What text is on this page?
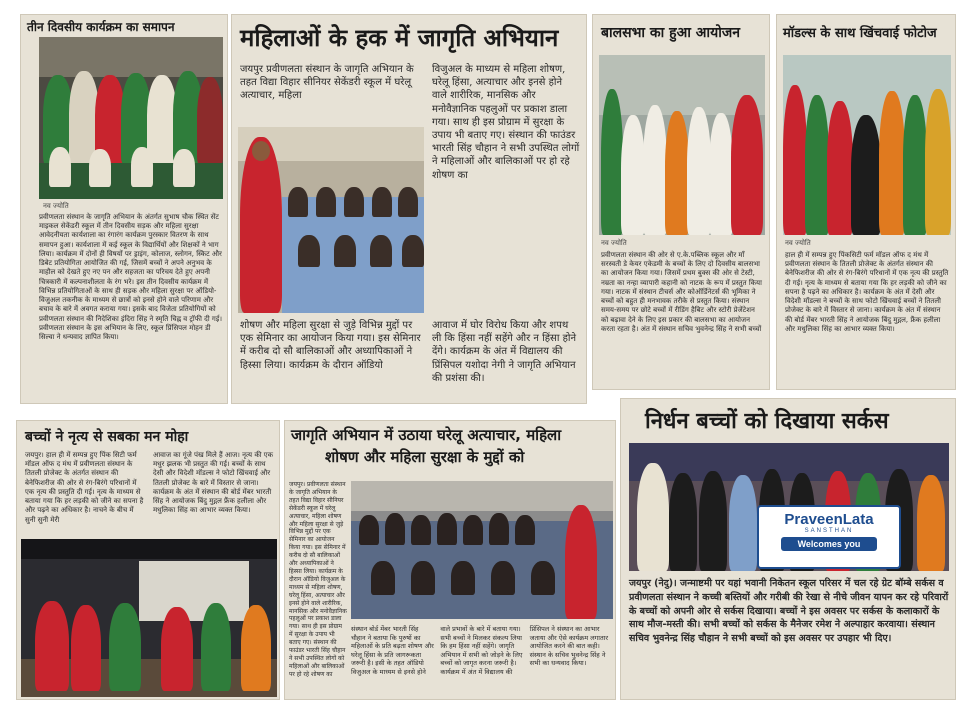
तीन दिवसीय कार्यक्रम का समापन
नव ज्योति
प्रवीणलता संस्थान के जागृति अभियान के अंतर्गत सुभाष चौक स्थित सेंट माइकल सेकेंडरी स्कूल में तीन दिवसीय सड़क और महिला सुरक्षा आवेदनीयता कार्यशाला का रंगारंग कार्यक्रम पुरस्कार वितरण के साथ समापन हुआ। कार्यशाला में कई स्कूल के विद्यार्थियों और शिक्षकों ने भाग लिया। कार्यक्रम में दोनों ही विषयों पर ड्राइंग, कोलाज, स्लोगन, स्किट और डिबेट प्रतियोगिता आयोजित की गई, जिसमें बच्चों ने अपने अनुभव के माहौल को देखते हुए नए पन और सहजता का परिचय देते हुए अपनी चित्रकारी में कल्पनाशीलता के रंग भरे। इस तीन दिवसीय कार्यक्रम में विभिन्न प्रतियोगिताओं के साथ ही सड़क और महिला सुरक्षा पर ऑडियो-विजुअल तकनीक के माध्यम से छात्रों को इनसे होने वाले परिणाम और बचाव के बारे में अवगत कराया गया। इसके बाद विजेता प्रतियोगियों को प्रवीणलता संस्थान की निदेशिका इंदिरा सिंह ने स्मृति चिह्न व ट्रॉफी दी गई। प्रवीणलता संस्थान के इस अभियान के लिए, स्कूल प्रिंसिपल मोहन डी सिल्वा ने धन्यवाद ज्ञापित किया।
महिलाओं के हक में जागृति अभियान
जयपुर प्रवीणलता संस्थान के जागृति अभियान के तहत विद्या विहार सीनियर सेकेंडरी स्कूल में घरेलू अत्याचार, महिला
विजुअल के माध्यम से महिला शोषण, घरेलू हिंसा, अत्याचार और इनसे होने वाले शारीरिक, मानसिक और मनोवैज्ञानिक पहलुओं पर प्रकाश डाला गया। साथ ही इस प्रोग्राम में सुरक्षा के उपाय भी बताए गए। संस्थान की फाउंडर भारती सिंह चौहान ने सभी उपस्थित लोगों ने महिलाओं और बालिकाओं पर हो रहे शोषण का
शोषण और महिला सुरक्षा से जुड़े विभिन्न मुद्दों पर एक सेमिनार का आयोजन किया गया। इस सेमिनार में करीब दो सौ बालिकाओं और अध्यापिकाओं ने हिस्सा लिया। कार्यक्रम के दौरान ऑडियो
आवाज में घोर विरोध किया और शपथ ली कि हिंसा नहीं सहेंगे और न हिंसा होने देंगे। कार्यक्रम के अंत में विद्यालय की प्रिंसिपल यशोदा नेगी ने जागृति अभियान की प्रशंसा की।
बालसभा का हुआ आयोजन
नव ज्योति
प्रवीणलता संस्थान की ओर से ए.के.पब्लिक स्कूल और माँ सरस्वती डे केयर एकेडमी के बच्चों के लिए दो दिवसीय बालसभा का आयोजन किया गया। जिसमें प्रथम बुक्स की ओर से टेस्टी, नम्रता का नन्हा व्यापारी कहानी को नाटक के रूप में प्रस्तुत किया गया। नाटक में संस्थान टीचर्स और कोऑर्डिनेटर्स की भूमिका ने बच्चों को बहुत ही मनभावक तरीके से प्रस्तुत किया। संस्थान समय-समय पर छोटे बच्चों में रीडिंग हैबिट और स्टोरी प्रेजेंटेशन को बढ़ावा देने के लिए इस प्रकार की बालसभा का आयोजन करता रहता है। अंत में संस्थान सचिव भुवनेन्द्र सिंह ने सभी बच्चों
मॉडल्स के साथ खिंचवाई फोटोज
नव ज्योति
हाल ही में सम्पन्न हुए पिंकसिटी फर्म मॉडल ऑफ द मंथ में प्रवीणलता संस्थान के तितली प्रोजेक्ट के अंतर्गत संस्थान की बेनेफिशरीज की ओर से रंग-बिरंगे परिधानों में एक नृत्य की प्रस्तुति दी गई। नृत्य के माध्यम से बताया गया कि हर लड़की को जीने का सपना है पढ़ने का अधिकार है। कार्यक्रम के अंत में देसी और विदेशी मॉडल्स ने बच्चों के साथ फोटो खिंचवाई बच्चों ने तितली प्रोजेक्ट के बारे में विस्तार से जाना। कार्यक्रम के अंत में संस्थान की बोर्ड मेंबर भारती सिंह ने आयोजक बिंदु मुद्गल, फ्रैंक हलीला और मधुलिका सिंह का आभार व्यक्त किया।
बच्चों ने नृत्य से सबका मन मोहा
जयपुर। हाल ही में सम्पन्न हुए पिंक सिटी फर्म मॉडल ऑफ द मंथ में प्रवीणलता संस्थान के तितली प्रोजेक्ट के अंतर्गत संस्थान की बेनेफिशरीज की ओर से रंग-बिरंगे परिधानों में एक नृत्य की प्रस्तुति दी गई। नृत्य के माध्यम से बताया गया कि हर लड़की को जीने का सपना है और पढ़ने का अधिकार है। नाचने के बीच में सुनी सुनी मेरी
आवाज का गूंजे पंख मिले हैं आज। नृत्य की एक मधुर झलक भी प्रस्तुत की गई। बच्चों के साथ देसी और विदेशी मॉडल्स ने फोटो खिंचवाई और तितली प्रोजेक्ट के बारे में विस्तार से जाना। कार्यक्रम के अंत में संस्थान की बोर्ड मेंबर भारती सिंह ने आयोजक बिंदु मुद्गल फ्रैंक हलीला और मधुलिका सिंह का आभार व्यक्त किया।
जागृति अभियान में उठाया घरेलू अत्याचार, महिला
शोषण और महिला सुरक्षा के मुद्दों को
जयपुर। प्रवीणलता संस्थान के जागृति अभियान के तहत विद्या विहार सीनियर सेकेंडरी स्कूल में घरेलू अत्याचार, महिला शोषण और महिला सुरक्षा से जुड़े विभिन्न मुद्दों पर एक सेमिनार का आयोजन किया गया। इस सेमिनार में करीब दो सौ बालिकाओं और अध्यापिकाओं ने हिस्सा लिया। कार्यक्रम के दौरान ऑडियो विजुअल के माध्यम से महिला शोषण, घरेलू हिंसा, अत्याचार और इनसे होने वाले शारीरिक, मानसिक और मनोवैज्ञानिक पहलुओं पर प्रकाश डाला गया। साथ ही इस प्रोग्राम में सुरक्षा के उपाय भी बताए गए। संस्थान की फाउंडर भारती सिंह चौहान ने सभी उपस्थित लोगों को महिलाओं और बालिकाओं पर हो रहे शोषण का
संस्थान बोर्ड मेंबर भारती सिंह चौहान ने बताया कि पुरुषों का महिलाओं के प्रति बढ़ता शोषण और घरेलू हिंसा के प्रति जागरूकता जरूरी है। इसी के तहत ऑडियो विजुअल के माध्यम से इनसे होने वाले प्रभावों के बारे में बताया गया। सभी बच्चों ने मिलकर संकल्प लिया कि हम हिंसा नहीं सहेंगे। जागृति अभियान में सभी को जोड़ने के लिए बच्चों को जागृत करना जरूरी है। कार्यक्रम में अंत में विद्यालय की प्रिंसिपल ने संस्थान का आभार जताया और ऐसे कार्यक्रम लगातार आयोजित करने की बात कही। संस्थान के सचिव भुवनेन्द्र सिंह ने सभी का धन्यवाद किया।
निर्धन बच्चों को दिखाया सर्कस
PraveenLata
SANSTHAN
Welcomes you
जयपुर (नेदु)। जन्माष्टमी पर यहां भवानी निकेतन स्कूल परिसर में चल रहे ग्रेट बॉम्बे सर्कस व प्रवीणलता संस्थान ने कच्ची बस्तियों और गरीबी की रेखा से नीचे जीवन यापन कर रहे परिवारों के बच्चों को अपनी ओर से सर्कस दिखाया। बच्चों ने इस अवसर पर सर्कस के कलाकारों के साथ मौज-मस्ती की। सभी बच्चों को सर्कस के मैनेजर रमेश ने अल्पाहार करवाया। संस्थान सचिव भुवनेन्द्र सिंह चौहान ने सभी बच्चों को इस अवसर पर उपहार भी दिए।
